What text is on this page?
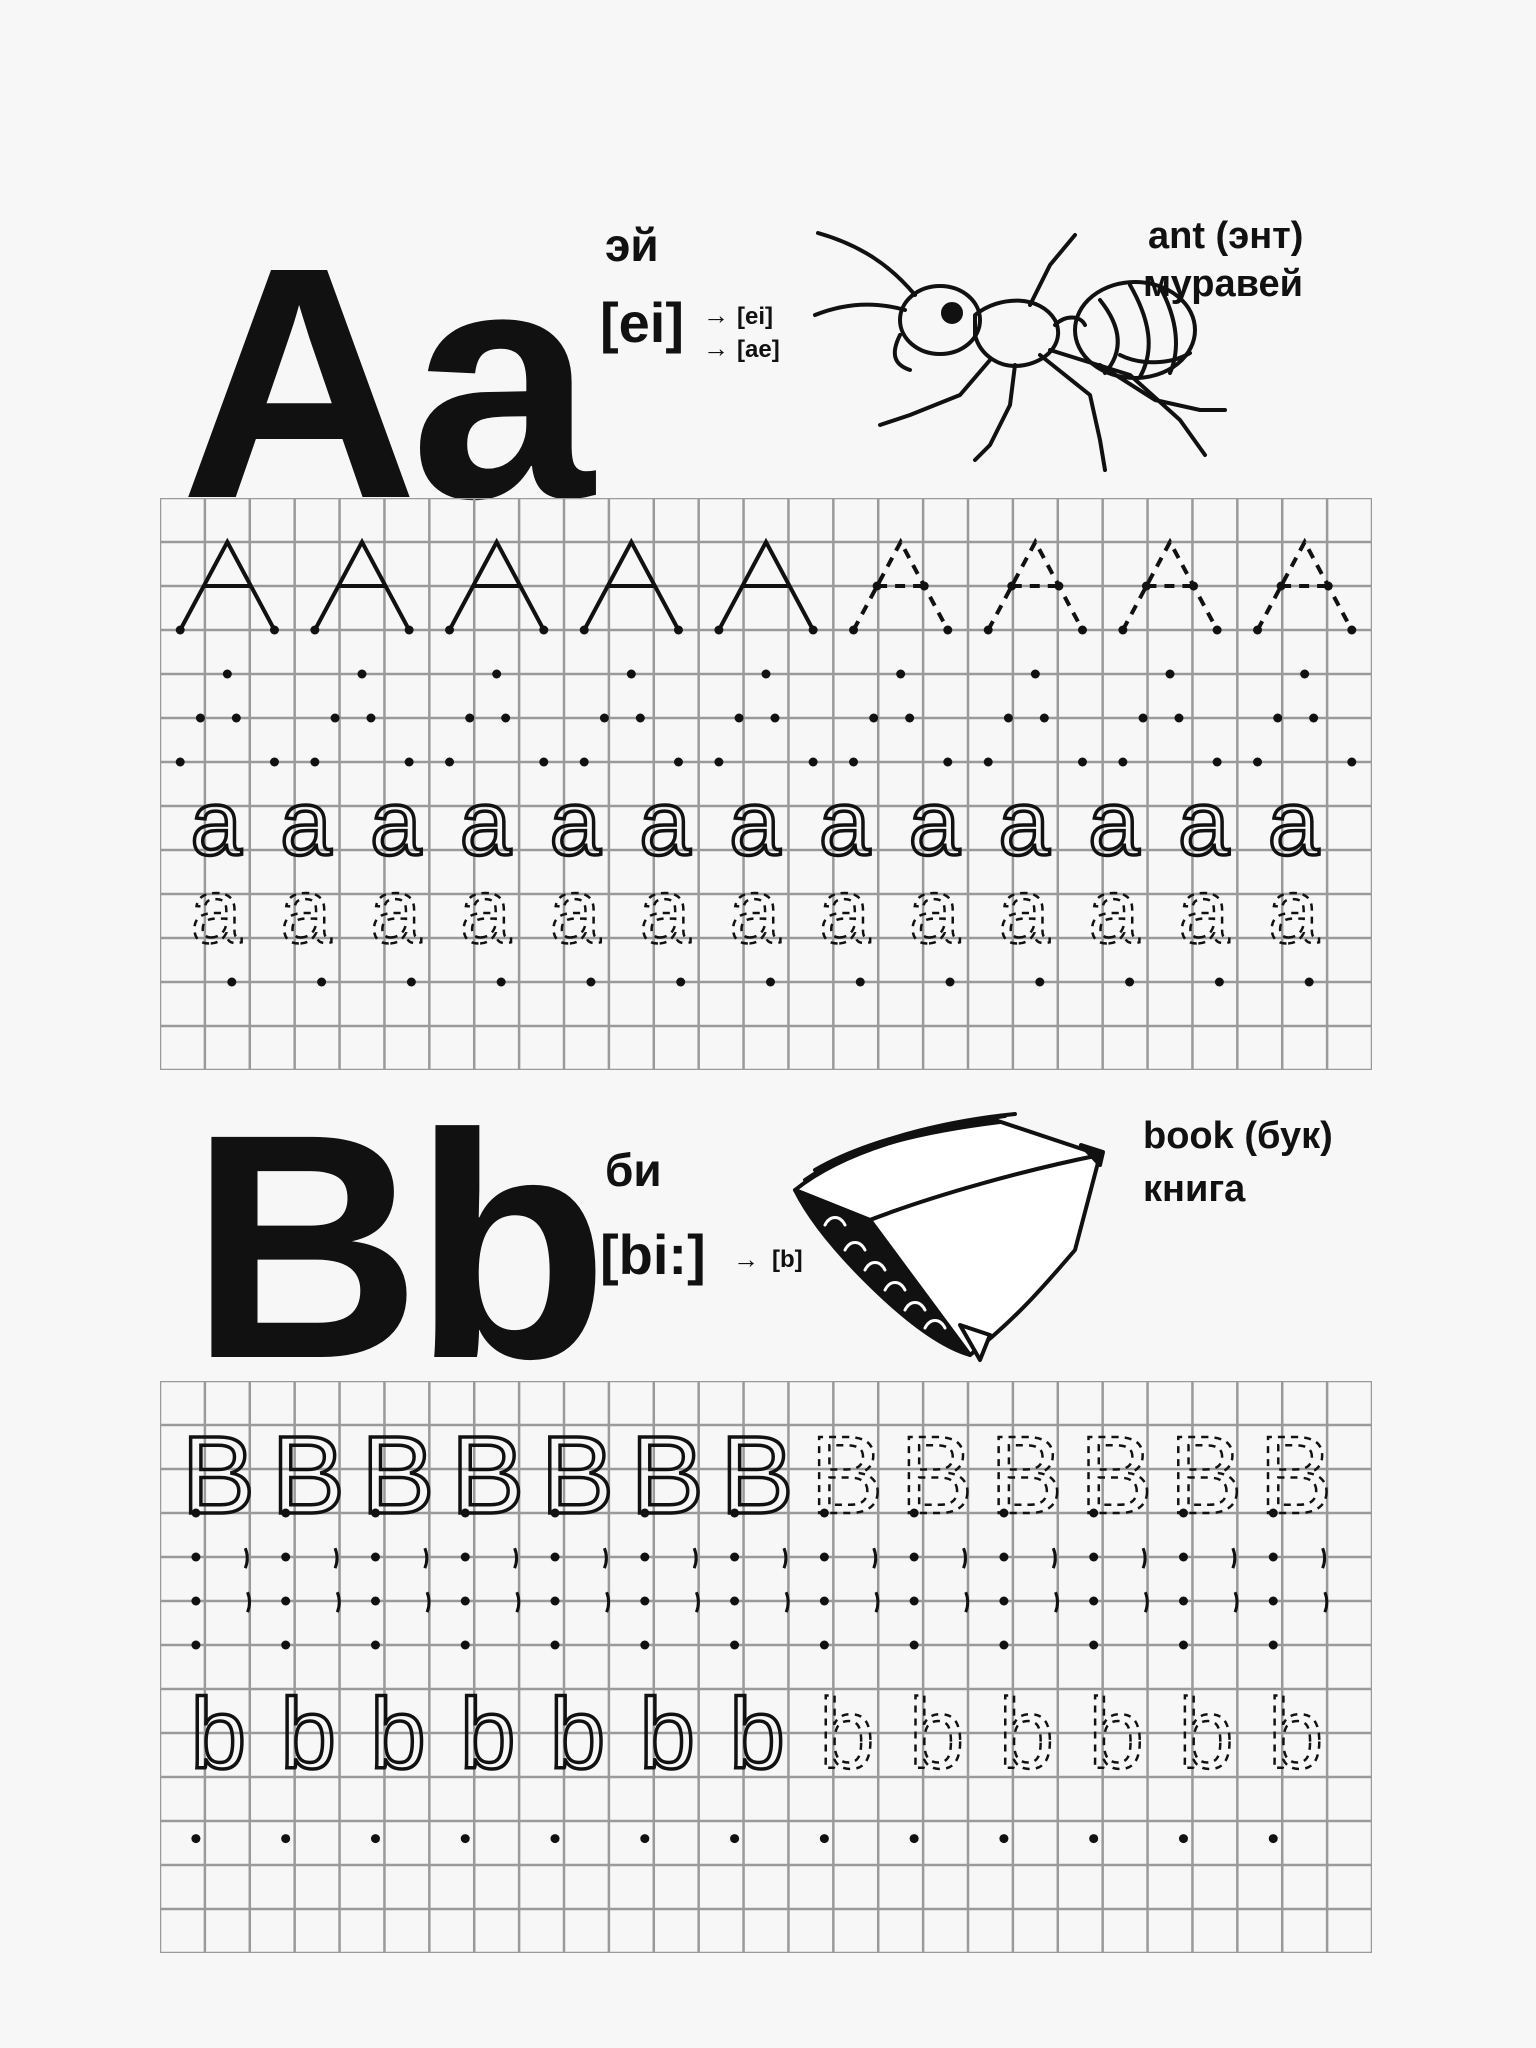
Aa эй
[ei] → [ei]
→ [ae]
ant (энт)
муравей
a a a a a a a a a a a a a
a a a a a a a a a a a a a
Bb би
[bi:] → [b]
book (бук)
книга
B B B B B B B B B B B B B
b b b b b b b b b b b b b
